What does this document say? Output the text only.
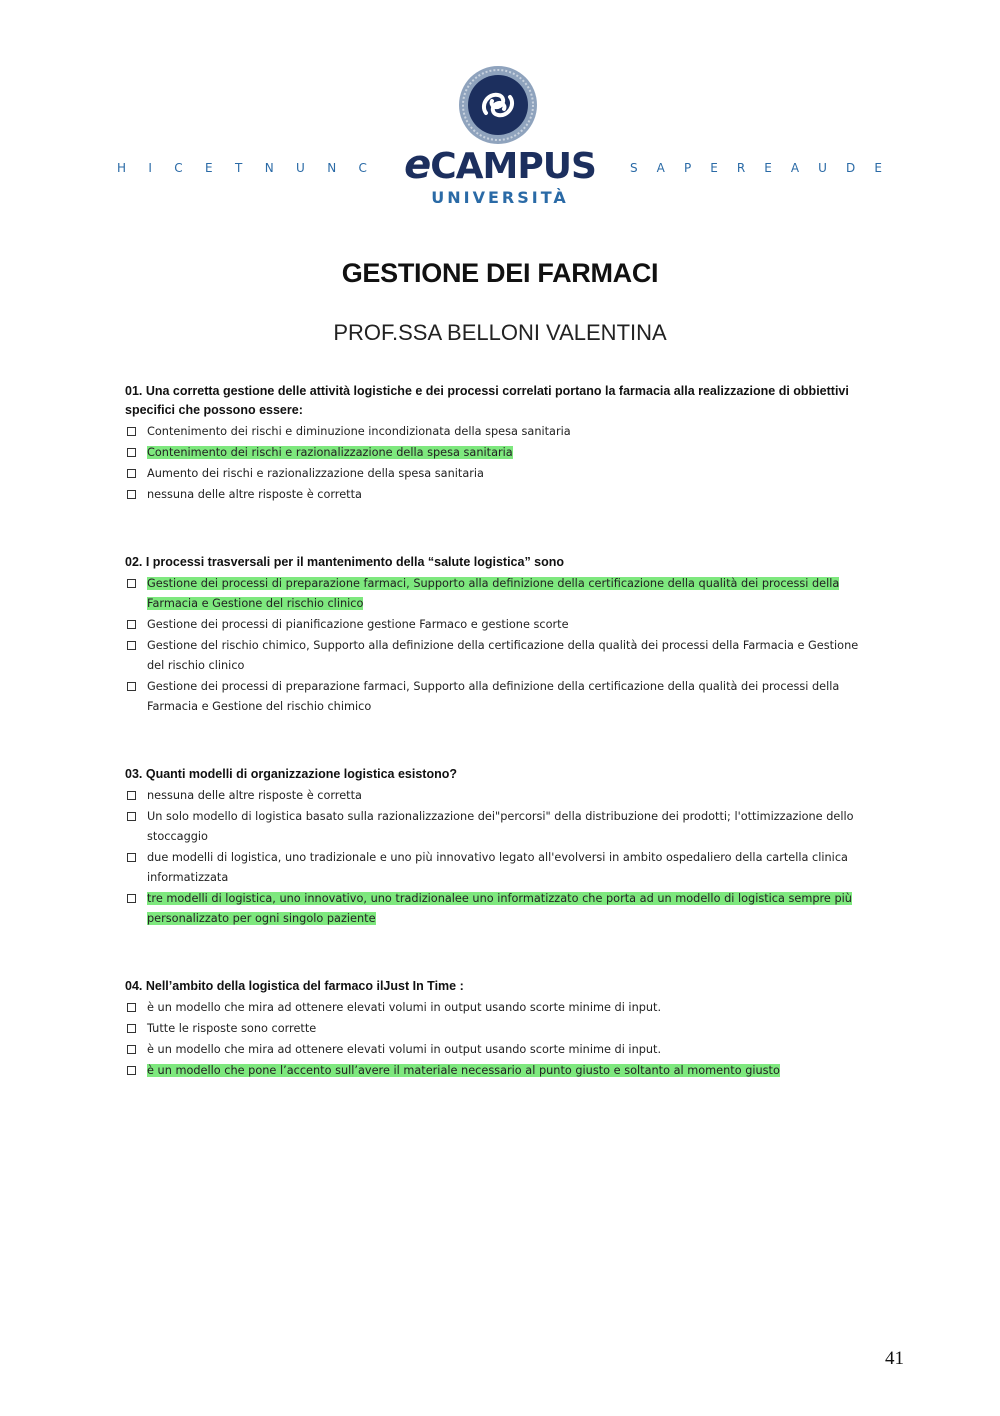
H I C E T N U N C eCAMPUS
UNIVERSITÀ
S A P E R E A U D E
GESTIONE DEI FARMACI
PROF.SSA BELLONI VALENTINA

01. Una corretta gestione delle attività logistiche e dei processi correlati portano la farmacia alla realizzazione di obbiettivi specifici che possono essere:

Contenimento dei rischi e diminuzione incondizionata della spesa sanitaria
Contenimento dei rischi e razionalizzazione della spesa sanitaria
Aumento dei rischi e razionalizzazione della spesa sanitaria
nessuna delle altre risposte è corretta

02. I processi trasversali per il mantenimento della “salute logistica” sono

Gestione dei processi di preparazione farmaci, Supporto alla definizione della certificazione della qualità dei processi della Farmacia e Gestione del rischio clinico
Gestione dei processi di pianificazione gestione Farmaco e gestione scorte
Gestione del rischio chimico, Supporto alla definizione della certificazione della qualità dei processi della Farmacia e Gestione del rischio clinico
Gestione dei processi di preparazione farmaci, Supporto alla definizione della certificazione della qualità dei processi della Farmacia e Gestione del rischio chimico

03. Quanti modelli di organizzazione logistica esistono?

nessuna delle altre risposte è corretta
Un solo modello di logistica basato sulla razionalizzazione dei"percorsi" della distribuzione dei prodotti; l'ottimizzazione dello stoccaggio
due modelli di logistica, uno tradizionale e uno più innovativo legato all'evolversi in ambito ospedaliero della cartella clinica informatizzata
tre modelli di logistica, uno innovativo, uno tradizionalee uno informatizzato che porta ad un modello di logistica sempre più personalizzato per ogni singolo paziente

04. Nell’ambito della logistica del farmaco ilJust In Time :

è un modello che mira ad ottenere elevati volumi in output usando scorte minime di input.
Tutte le risposte sono corrette
è un modello che mira ad ottenere elevati volumi in output usando scorte minime di input.
è un modello che pone l’accento sull’avere il materiale necessario al punto giusto e soltanto al momento giusto
41
